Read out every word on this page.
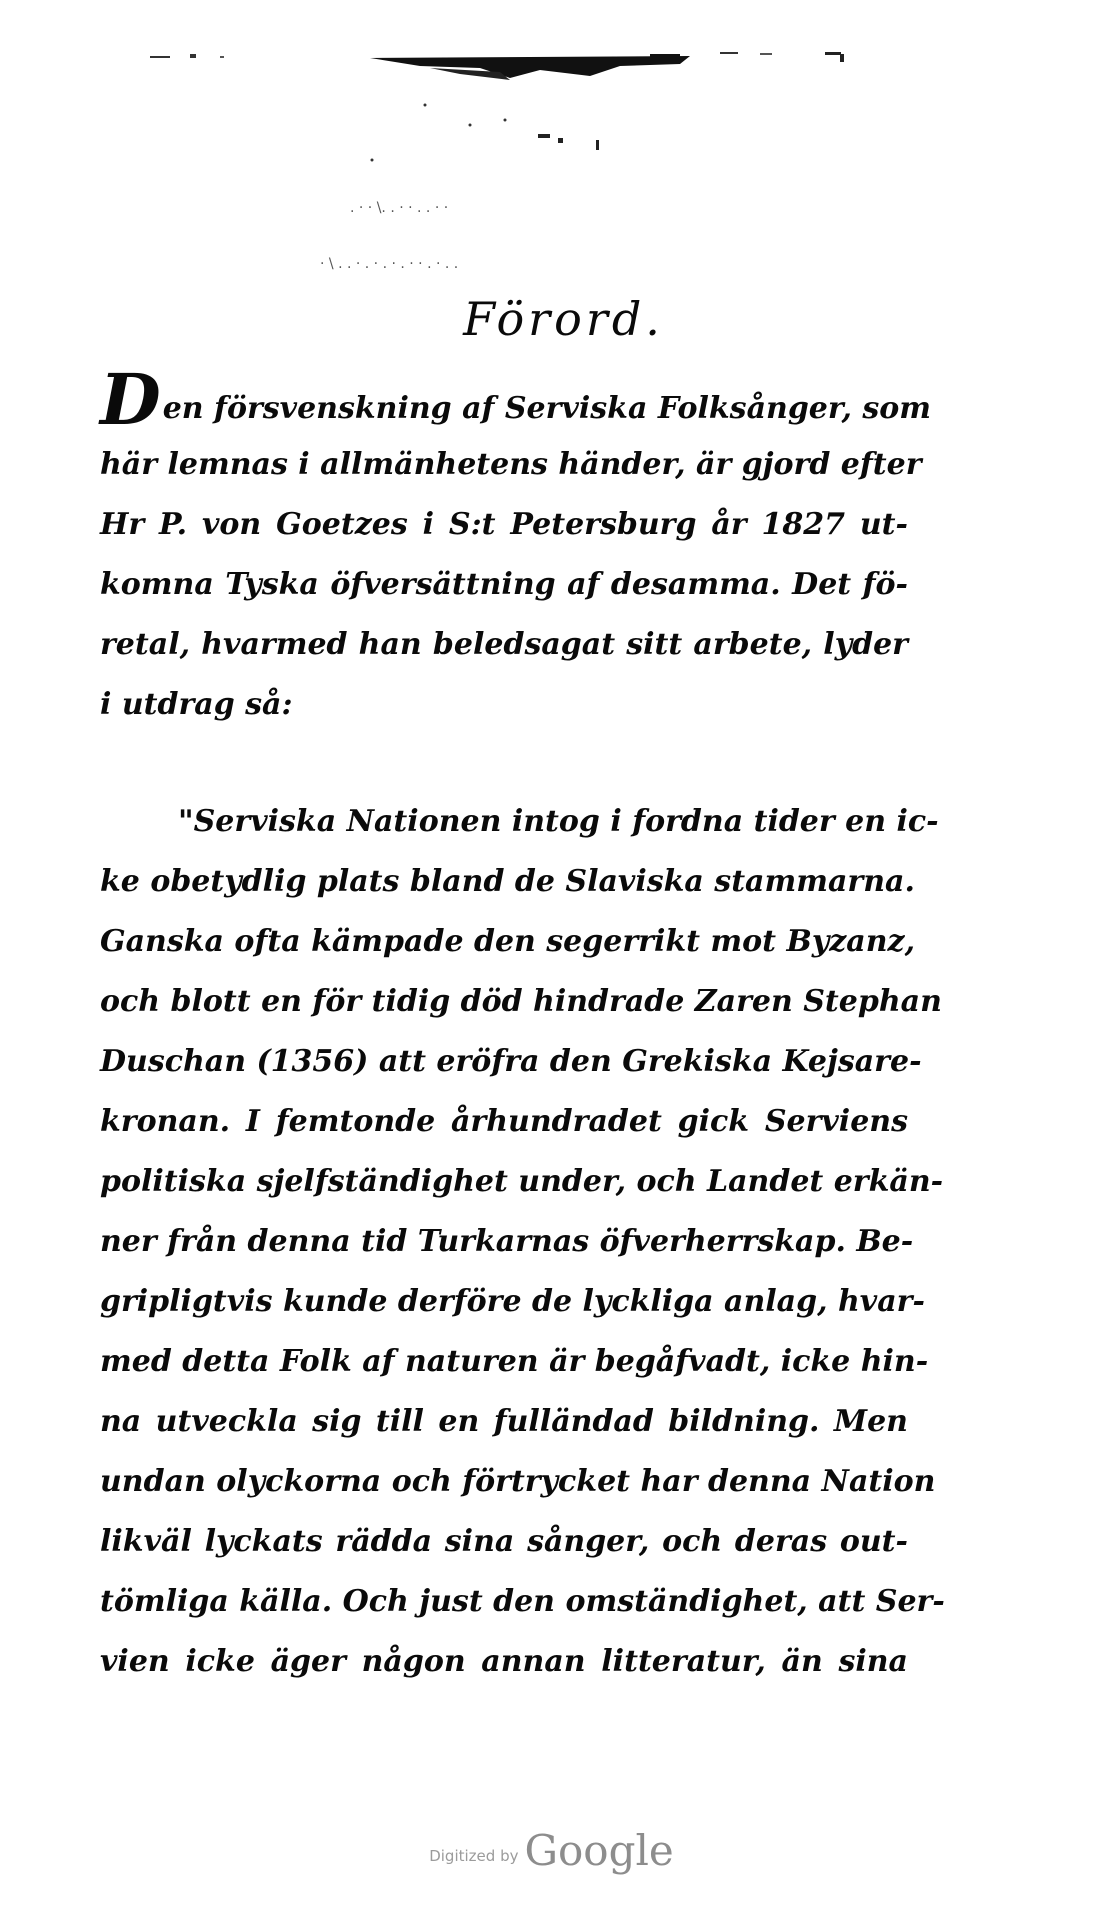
. · · \. . · · . . · ·
· \ . . · . · . · . · · . · . .
Förord.
Den försvenskning af Serviska Folksånger, som
här lemnas i allmänhetens händer, är gjord efter
Hr P. von Goetzes i S:t Petersburg år 1827 ut-
komna Tyska öfversättning af desamma. Det fö-
retal, hvarmed han beledsagat sitt arbete, lyder
i utdrag så:
"Serviska Nationen intog i fordna tider en ic-
ke obetydlig plats bland de Slaviska stammarna.
Ganska ofta kämpade den segerrikt mot Byzanz,
och blott en för tidig död hindrade Zaren Stephan
Duschan (1356) att eröfra den Grekiska Kejsare-
kronan. I femtonde århundradet gick Serviens
politiska sjelfständighet under, och Landet erkän-
ner från denna tid Turkarnas öfverherrskap. Be-
gripligtvis kunde derföre de lyckliga anlag, hvar-
med detta Folk af naturen är begåfvadt, icke hin-
na utveckla sig till en fulländad bildning. Men
undan olyckorna och förtrycket har denna Nation
likväl lyckats rädda sina sånger, och deras out-
tömliga källa. Och just den omständighet, att Ser-
vien icke äger någon annan litteratur, än sina
Digitized by Google
